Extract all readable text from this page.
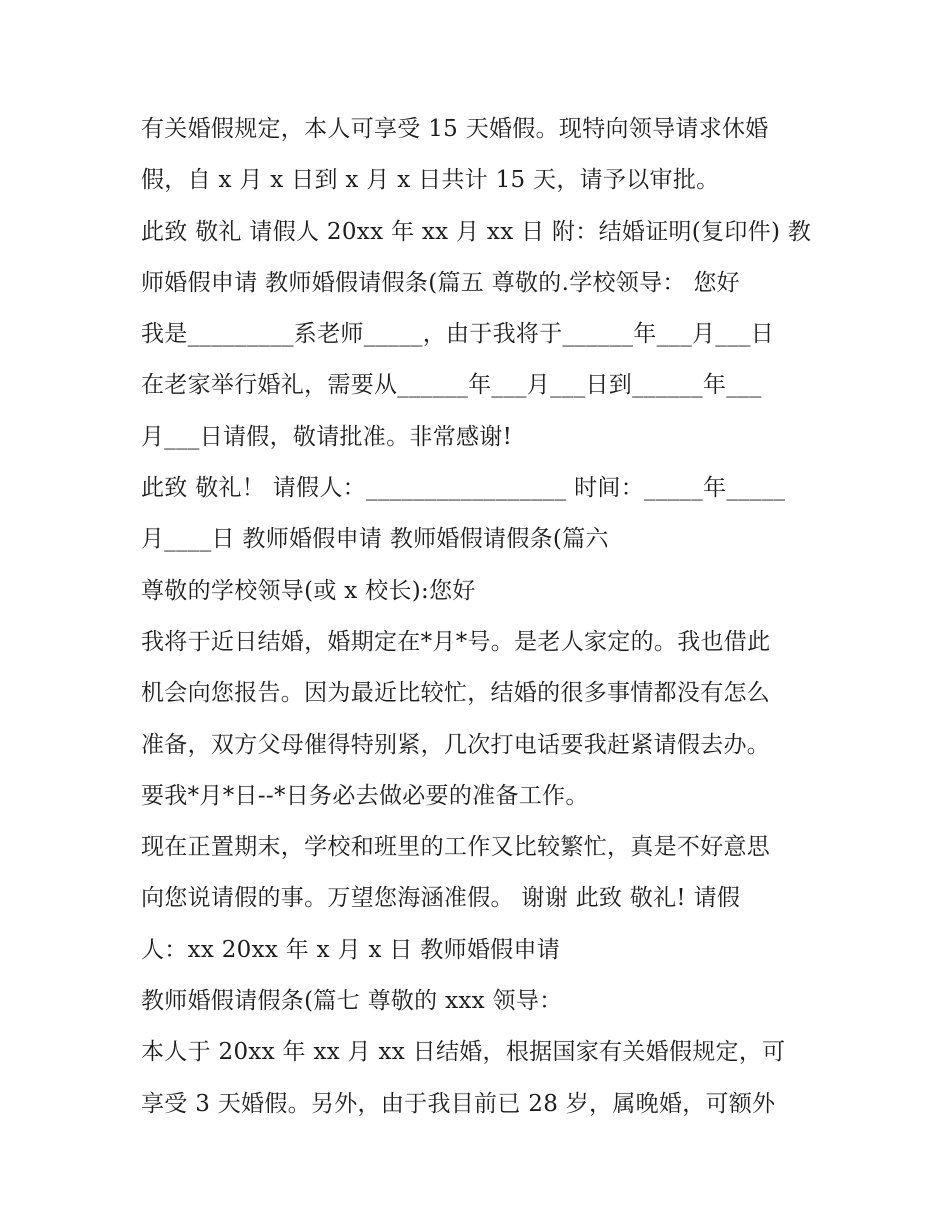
有关婚假规定，本人可享受 15 天婚假。现特向领导请求休婚
假，自 x 月 x 日到 x 月 x 日共计 15 天，请予以审批。
此致 敬礼 请假人 20xx 年 xx 月 xx 日 附：结婚证明(复印件) 教
师婚假申请 教师婚假请假条(篇五 尊敬的.学校领导： 您好
我是_________系老师_____，由于我将于______年___月___日
在老家举行婚礼，需要从______年___月___日到______年___
月___日请假，敬请批准。非常感谢!
此致 敬礼！ 请假人：_________________ 时间：_____年_____
月____日 教师婚假申请 教师婚假请假条(篇六
尊敬的学校领导(或 x 校长):您好
我将于近日结婚，婚期定在*月*号。是老人家定的。我也借此
机会向您报告。因为最近比较忙，结婚的很多事情都没有怎么
准备，双方父母催得特别紧，几次打电话要我赶紧请假去办。
要我*月*日--*日务必去做必要的准备工作。
现在正置期末，学校和班里的工作又比较繁忙，真是不好意思
向您说请假的事。万望您海涵准假。 谢谢 此致 敬礼! 请假
人：xx 20xx 年 x 月 x 日 教师婚假申请
教师婚假请假条(篇七 尊敬的 xxx 领导：
本人于 20xx 年 xx 月 xx 日结婚，根据国家有关婚假规定，可
享受 3 天婚假。另外，由于我目前已 28 岁，属晚婚，可额外
